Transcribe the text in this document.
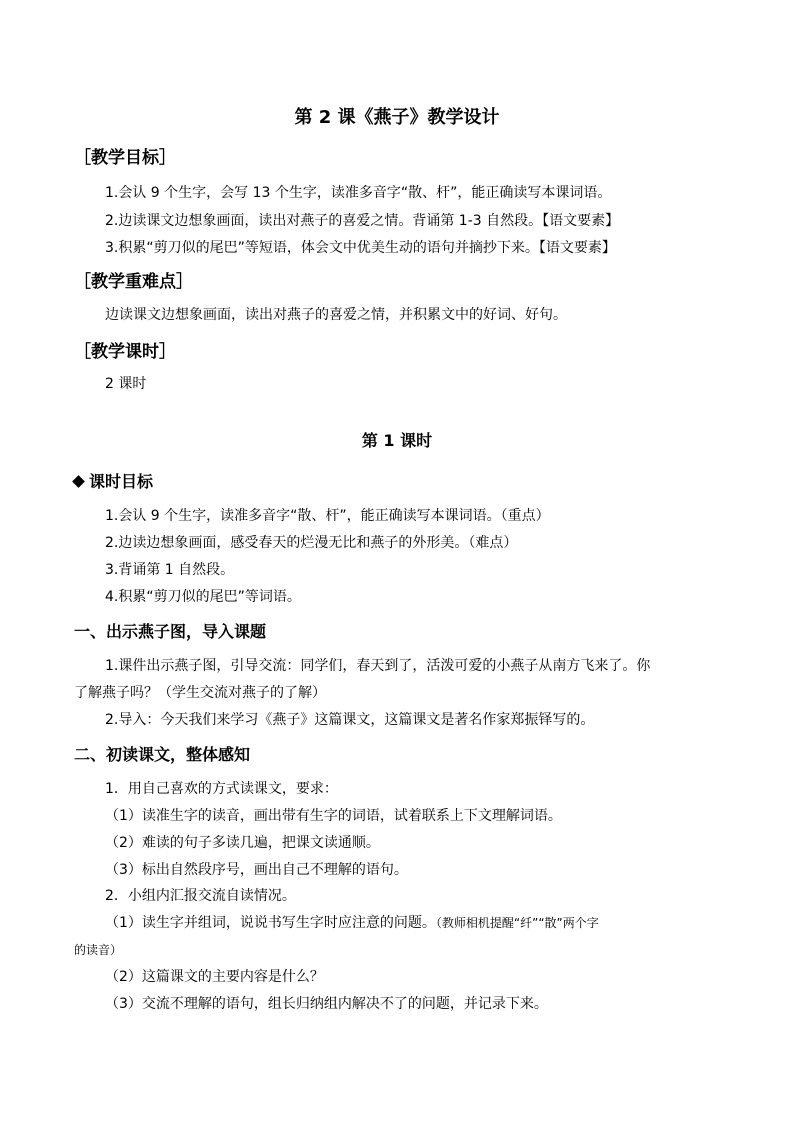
第 2 课《燕子》教学设计
［教学目标］
1.会认 9 个生字，会写 13 个生字，读准多音字“散、杆”，能正确读写本课词语。
2.边读课文边想象画面，读出对燕子的喜爱之情。背诵第 1-3 自然段。【语文要素】
3.积累“剪刀似的尾巴”等短语，体会文中优美生动的语句并摘抄下来。【语文要素】
［教学重难点］
边读课文边想象画面，读出对燕子的喜爱之情，并积累文中的好词、好句。
［教学课时］
2 课时
第 1 课时
课时目标
1.会认 9 个生字，读准多音字“散、杆”，能正确读写本课词语。（重点）
2.边读边想象画面，感受春天的烂漫无比和燕子的外形美。（难点）
3.背诵第 1 自然段。
4.积累“剪刀似的尾巴”等词语。
一、出示燕子图，导入课题
1.课件出示燕子图，引导交流：同学们，春天到了，活泼可爱的小燕子从南方飞来了。你
了解燕子吗？（学生交流对燕子的了解）
2.导入：今天我们来学习《燕子》这篇课文，这篇课文是著名作家郑振铎写的。
二、初读课文，整体感知
1．用自己喜欢的方式读课文，要求：
（1）读准生字的读音，画出带有生字的词语，试着联系上下文理解词语。
（2）难读的句子多读几遍，把课文读通顺。
（3）标出自然段序号，画出自己不理解的语句。
2．小组内汇报交流自读情况。
（1）读生字并组词，说说书写生字时应注意的问题。（教师相机提醒“纤”“散”两个字
的读音）
（2）这篇课文的主要内容是什么？
（3）交流不理解的语句，组长归纳组内解决不了的问题，并记录下来。
